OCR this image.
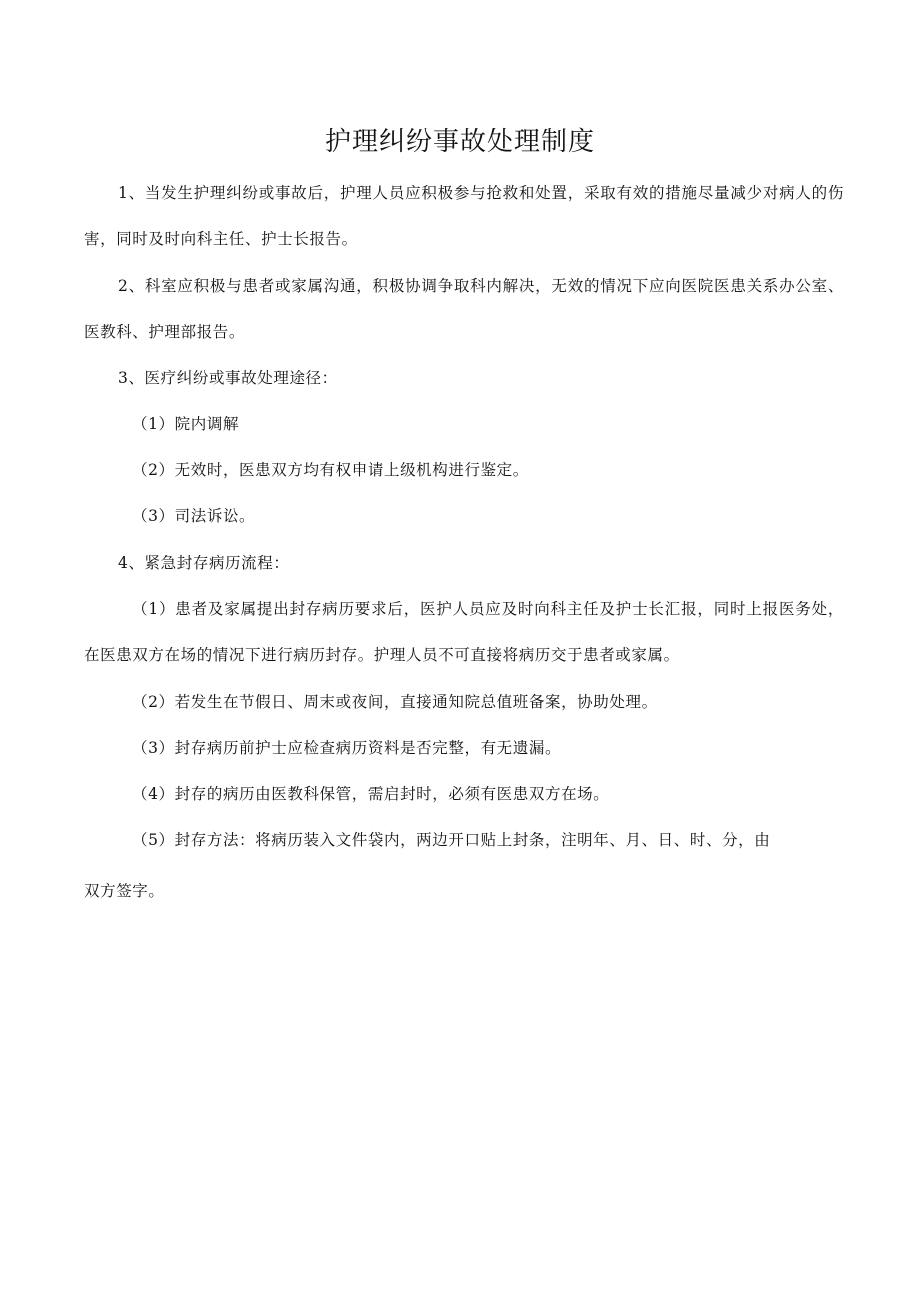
护理纠纷事故处理制度

1、当发生护理纠纷或事故后，护理人员应积极参与抢救和处置，采取有效的措施尽量减少对病人的伤害，同时及时向科主任、护士长报告。

2、科室应积极与患者或家属沟通，积极协调争取科内解决，无效的情况下应向医院医患关系办公室、医教科、护理部报告。

3、医疗纠纷或事故处理途径：

（1）院内调解

（2）无效时，医患双方均有权申请上级机构进行鉴定。

（3）司法诉讼。

4、紧急封存病历流程：

（1）患者及家属提出封存病历要求后，医护人员应及时向科主任及护士长汇报，同时上报医务处，在医患双方在场的情况下进行病历封存。护理人员不可直接将病历交于患者或家属。

（2）若发生在节假日、周末或夜间，直接通知院总值班备案，协助处理。

（3）封存病历前护士应检查病历资料是否完整，有无遗漏。

（4）封存的病历由医教科保管，需启封时，必须有医患双方在场。

（5）封存方法：将病历装入文件袋内，两边开口贴上封条，注明年、月、日、时、分，由

双方签字。
